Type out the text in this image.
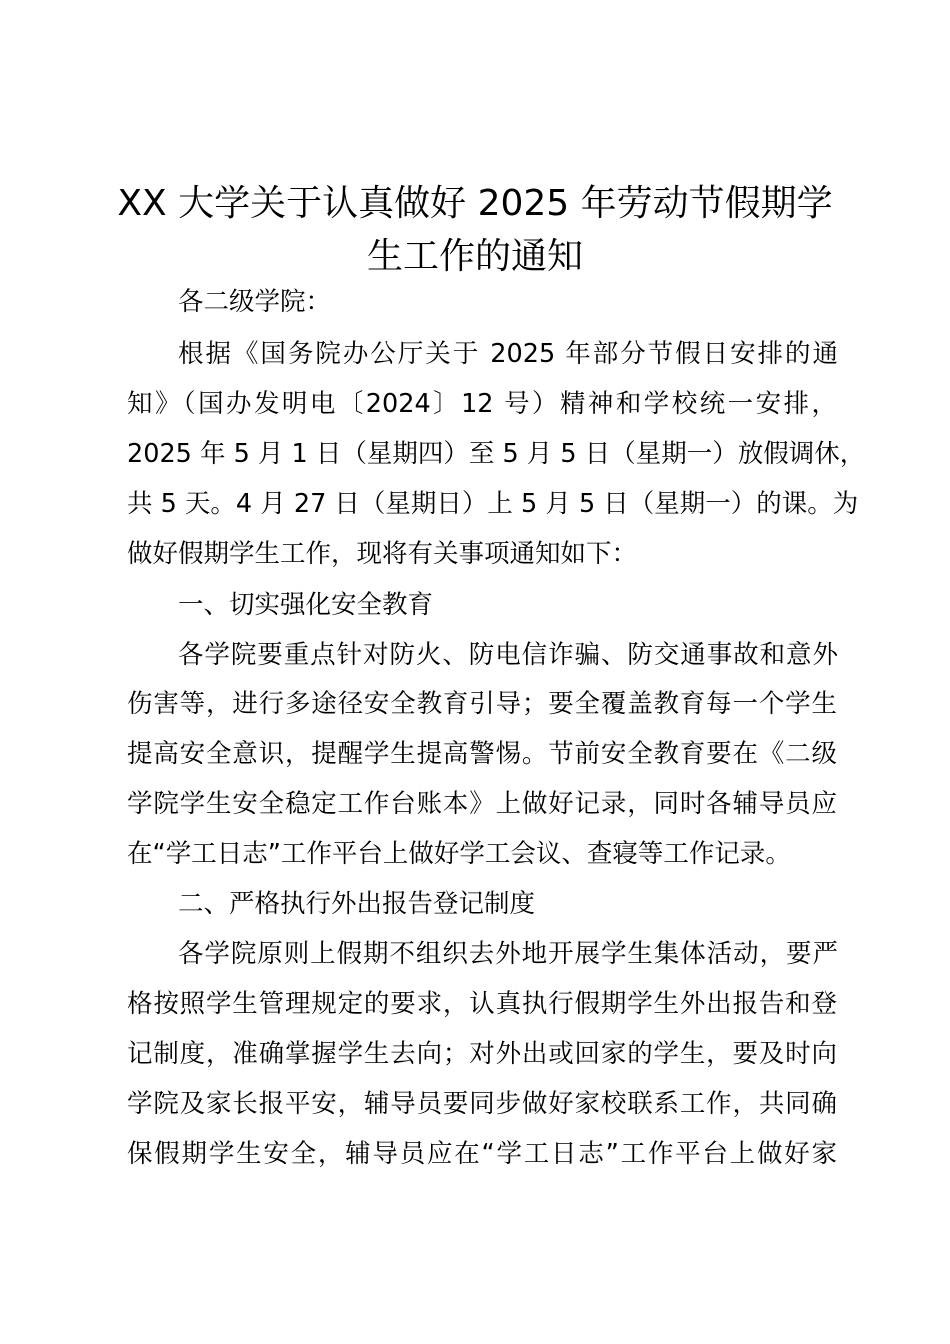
XX 大学关于认真做好 2025 年劳动节假期学
生工作的通知
各二级学院：
根据《国务院办公厅关于 2025 年部分节假日安排的通
知》（国办发明电〔2024〕12 号）精神和学校统一安排，
2025 年 5 月 1 日（星期四）至 5 月 5 日（星期一）放假调休，
共 5 天。4 月 27 日（星期日）上 5 月 5 日（星期一）的课。为
做好假期学生工作，现将有关事项通知如下：
一、切实强化安全教育
各学院要重点针对防火、防电信诈骗、防交通事故和意外
伤害等，进行多途径安全教育引导；要全覆盖教育每一个学生
提高安全意识，提醒学生提高警惕。节前安全教育要在《二级
学院学生安全稳定工作台账本》上做好记录，同时各辅导员应
在“学工日志”工作平台上做好学工会议、查寝等工作记录。
二、严格执行外出报告登记制度
各学院原则上假期不组织去外地开展学生集体活动，要严
格按照学生管理规定的要求，认真执行假期学生外出报告和登
记制度，准确掌握学生去向；对外出或回家的学生，要及时向
学院及家长报平安，辅导员要同步做好家校联系工作，共同确
保假期学生安全，辅导员应在“学工日志”工作平台上做好家
